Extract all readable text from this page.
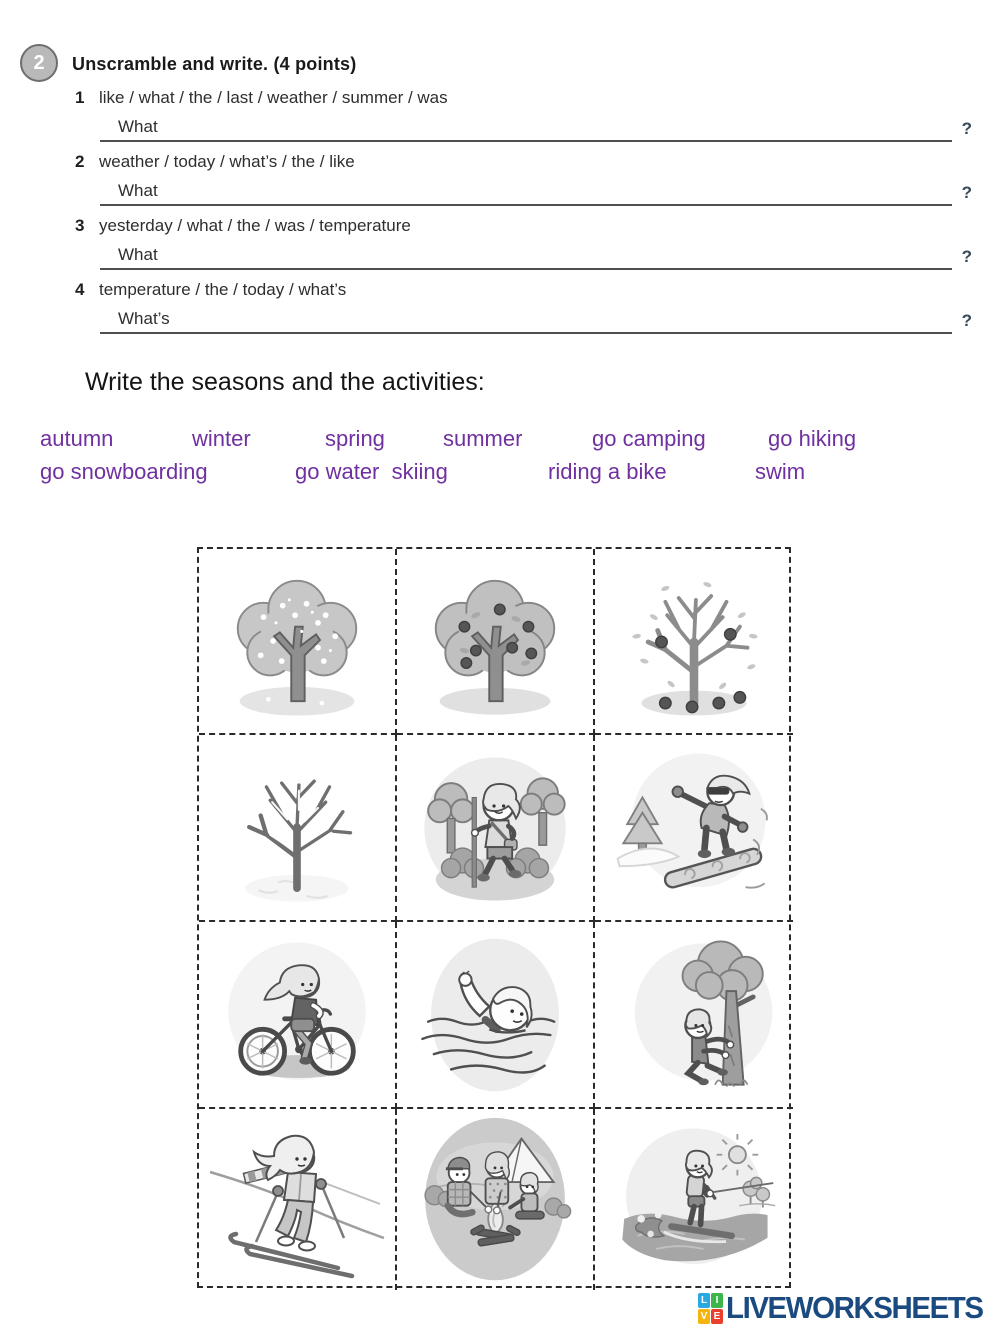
2	Unscramble and write. (4 points)
1 like / what / the / last / weather / summer / was
What	?
2 weather / today / what’s / the / like
What	?
3 yesterday / what / the / was / temperature
What	?
4 temperature / the / today / what’s
What’s	?
Write the seasons and the activities:
autumn	winter	spring	summer	go camping	go hiking
go snowboarding	go water  skiing	riding a bike	swim
L I
V E LIVEWORKSHEETS
